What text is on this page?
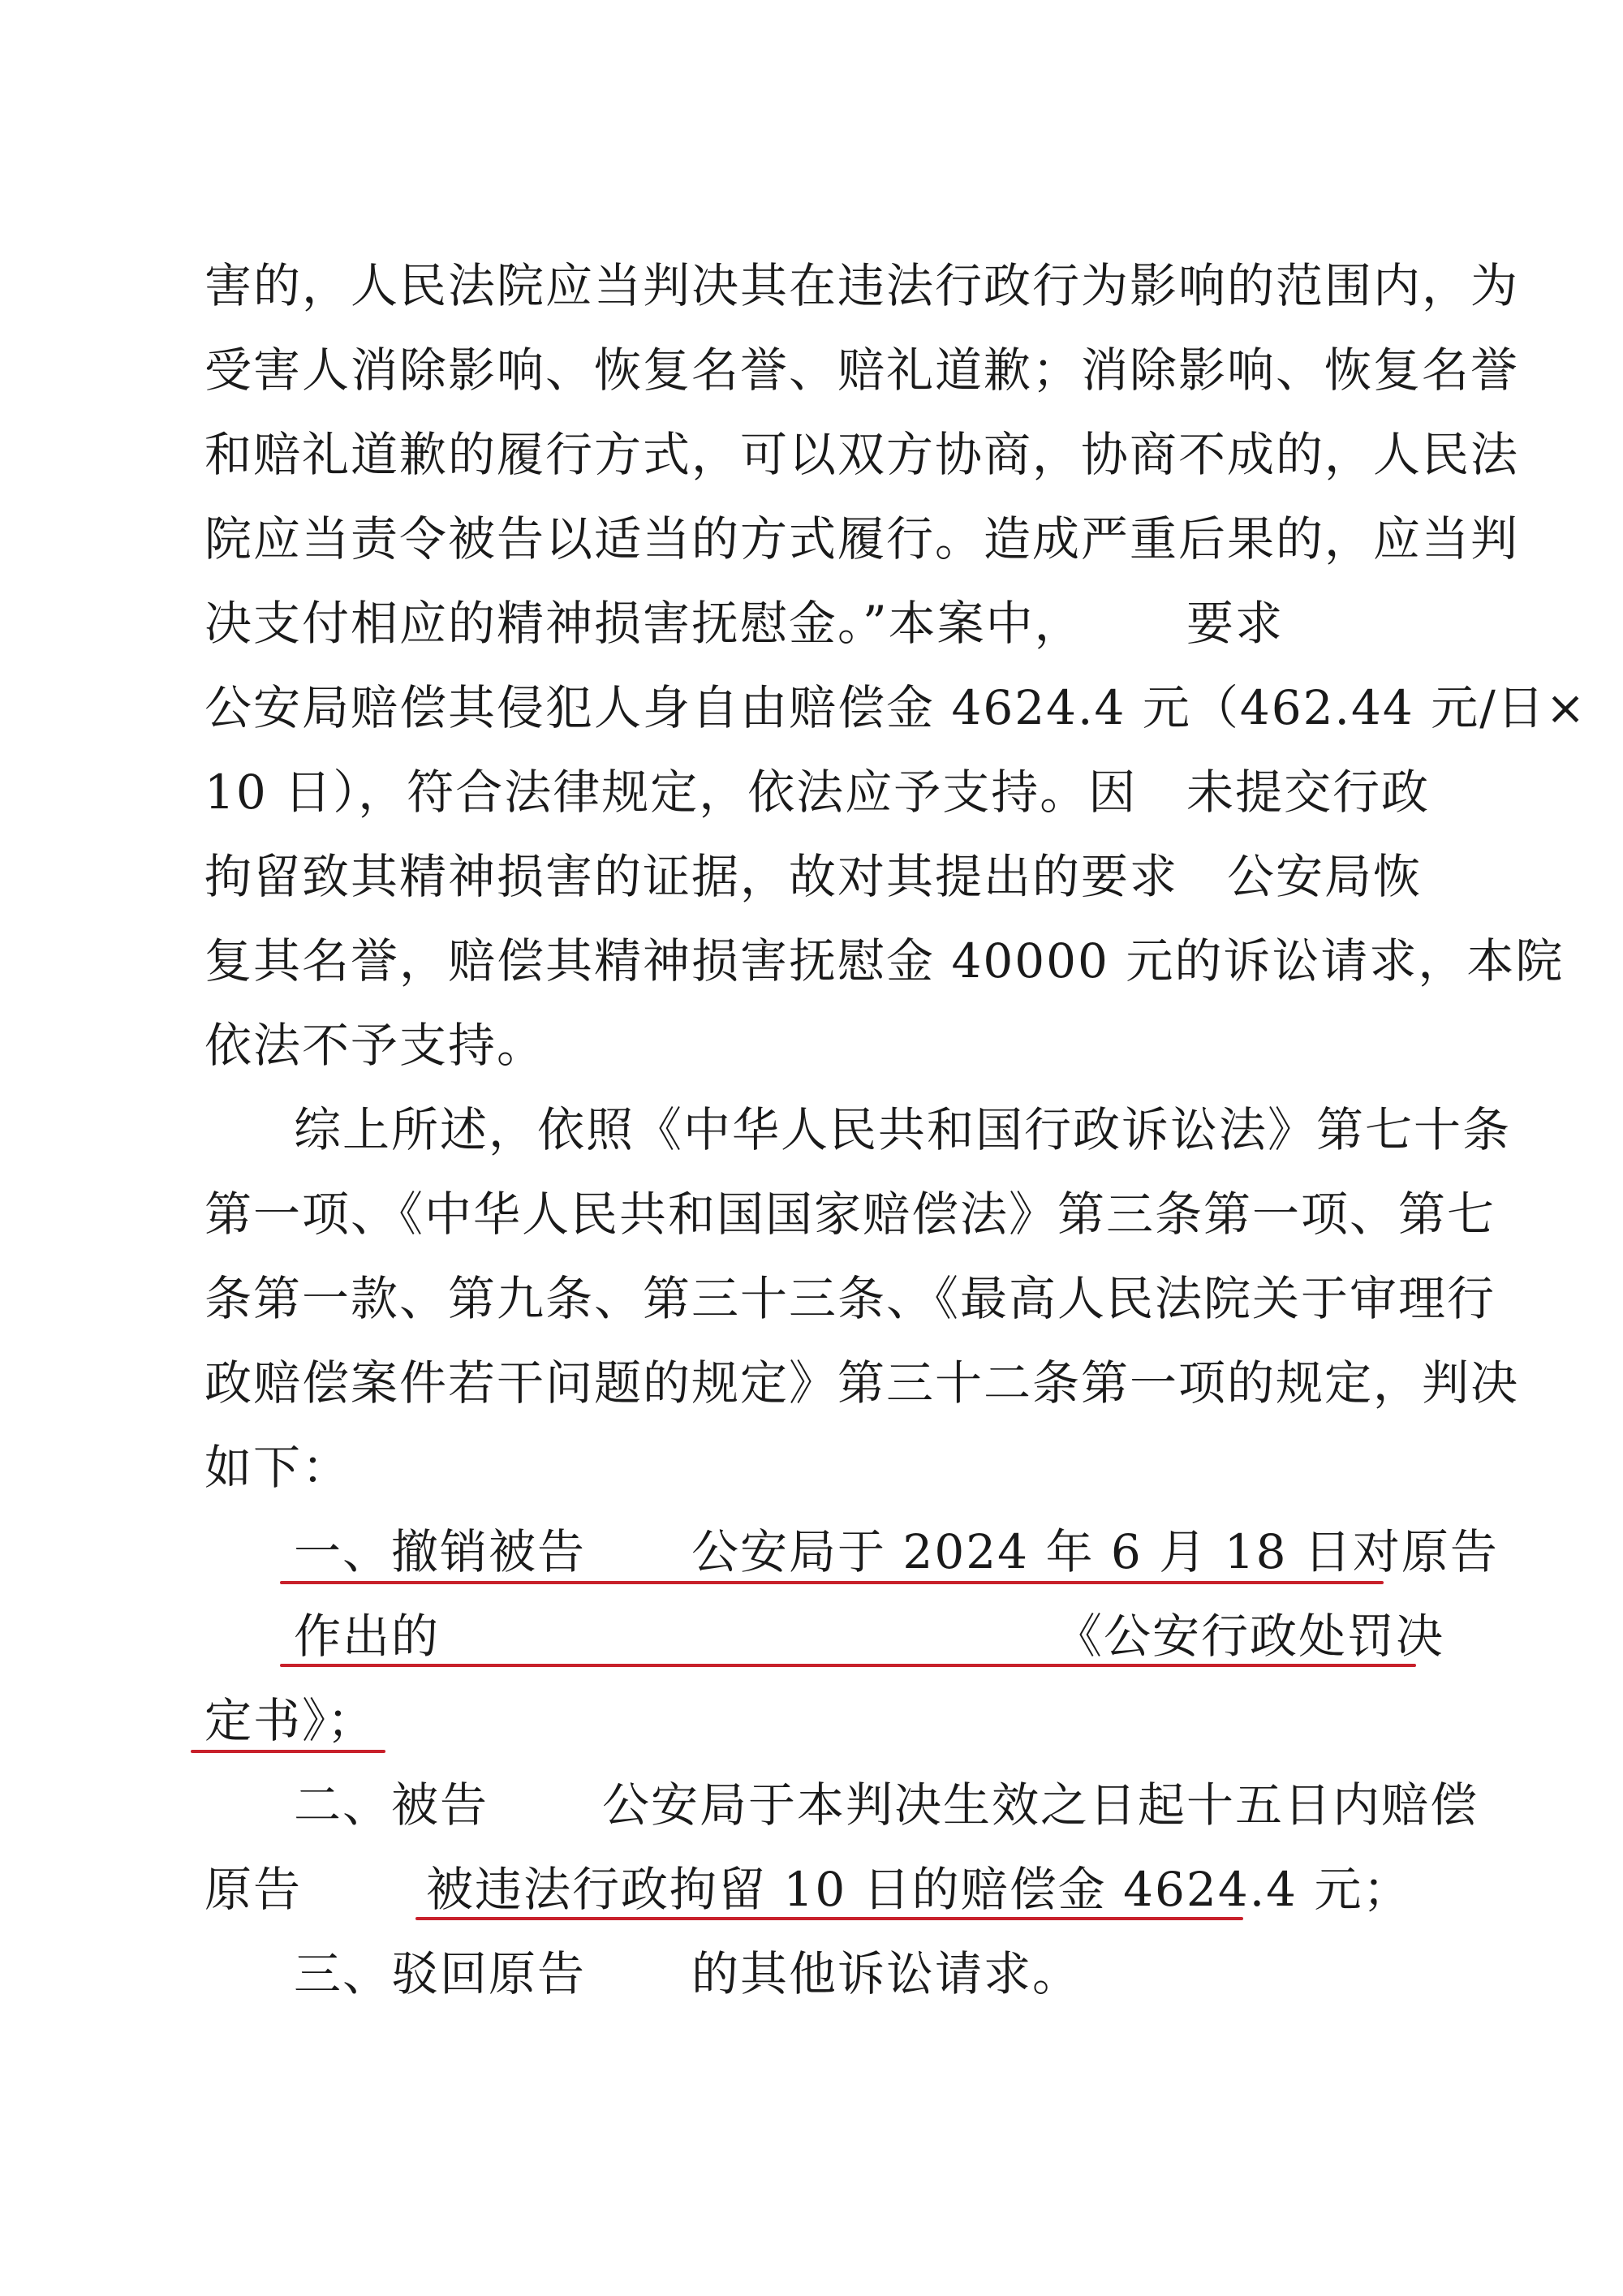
害的，人民法院应当判决其在违法行政行为影响的范围内，为
受害人消除影响、恢复名誉、赔礼道歉；消除影响、恢复名誉
和赔礼道歉的履行方式，可以双方协商，协商不成的，人民法
院应当责令被告以适当的方式履行。造成严重后果的，应当判
决支付相应的精神损害抚慰金。”本案中， 要求
公安局赔偿其侵犯人身自由赔偿金 4624.4 元（462.44 元/日×
10 日），符合法律规定，依法应予支持。因 未提交行政
拘留致其精神损害的证据，故对其提出的要求 公安局恢
复其名誉，赔偿其精神损害抚慰金 40000 元的诉讼请求，本院
依法不予支持。
综上所述，依照《中华人民共和国行政诉讼法》第七十条
第一项、《中华人民共和国国家赔偿法》第三条第一项、第七
条第一款、第九条、第三十三条、《最高人民法院关于审理行
政赔偿案件若干问题的规定》第三十二条第一项的规定，判决
如下：
一、撤销被告 公安局于 2024 年 6 月 18 日对原告
作出的	《公安行政处罚决
定书》；
二、被告 公安局于本判决生效之日起十五日内赔偿
原告	被违法行政拘留 10 日的赔偿金 4624.4 元；
三、驳回原告 的其他诉讼请求。
